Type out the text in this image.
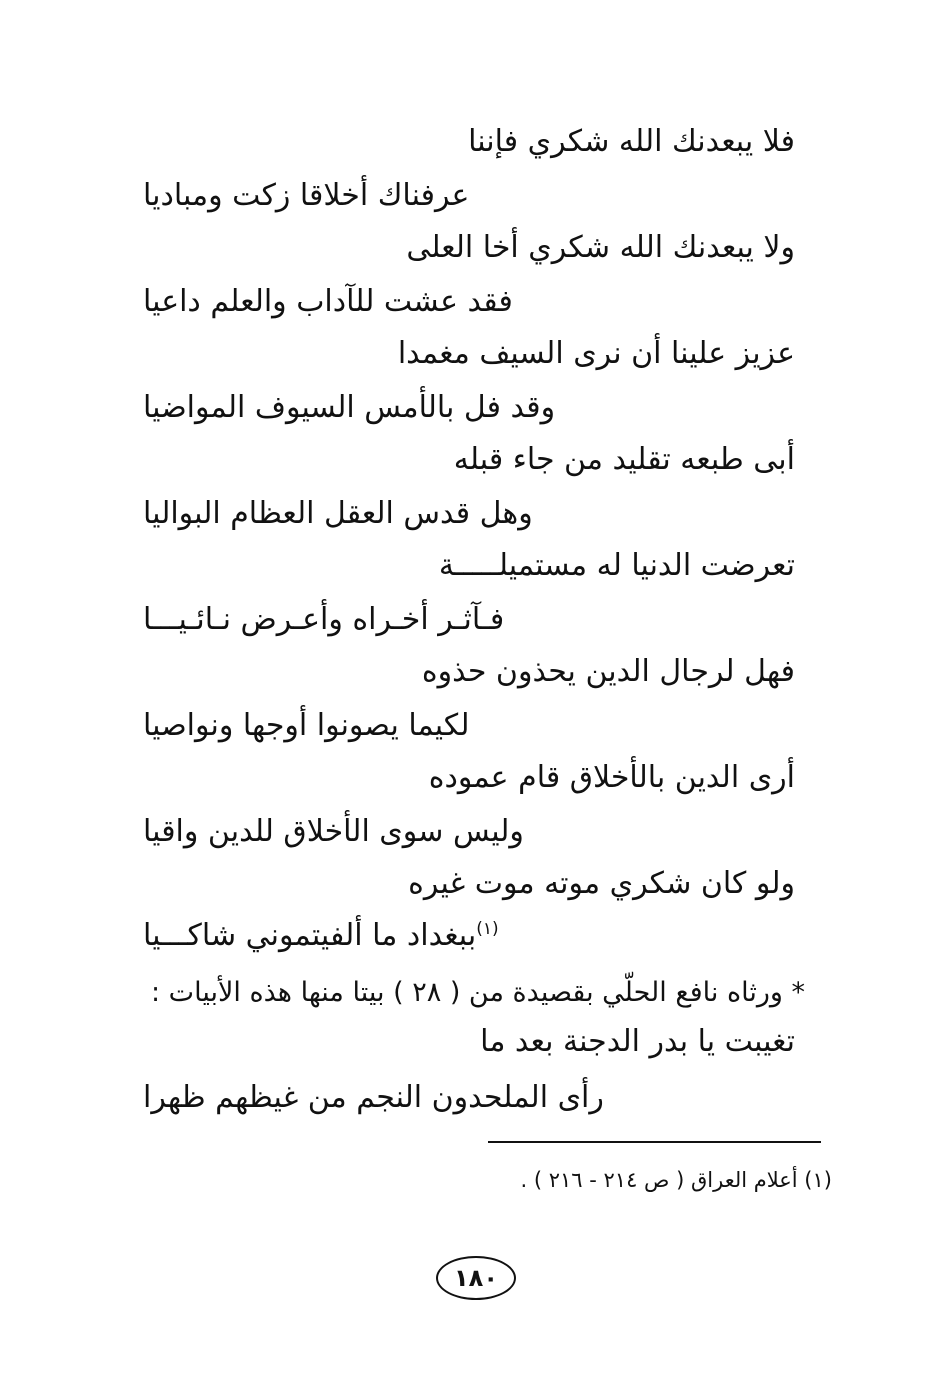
فلا يبعدنك الله شكري فإننا
عرفناك أخلاقا زكت ومباديا
ولا يبعدنك الله شكري أخا العلى
فقد عشت للآداب والعلم داعيا
عزيز علينا أن نرى السيف مغمدا
وقد فل بالأمس السيوف المواضيا
أبى طبعه تقليد من جاء قبله
وهل قدس العقل العظام البواليا
تعرضت الدنيا له مستميلـــــة
فـآثـر أخـراه وأعـرض نـائـيـــا
فهل لرجال الدين يحذون حذوه
لكيما يصونوا أوجها ونواصيا
أرى الدين بالأخلاق قام عموده
وليس سوى الأخلاق للدين واقيا
ولو كان شكري موته موت غيره
$^{(١)}$ببغداد ما ألفيتموني شاكـــيا
* ورثاه نافع الحلّي بقصيدة من ( ٢٨ ) بيتا منها هذه الأبيات :
تغيبت يا بدر الدجنة بعد ما
رأى الملحدون النجم من غيظهم ظهرا
(١) أعلام العراق ( ص ٢١٤ - ٢١٦ ) .
١٨٠
